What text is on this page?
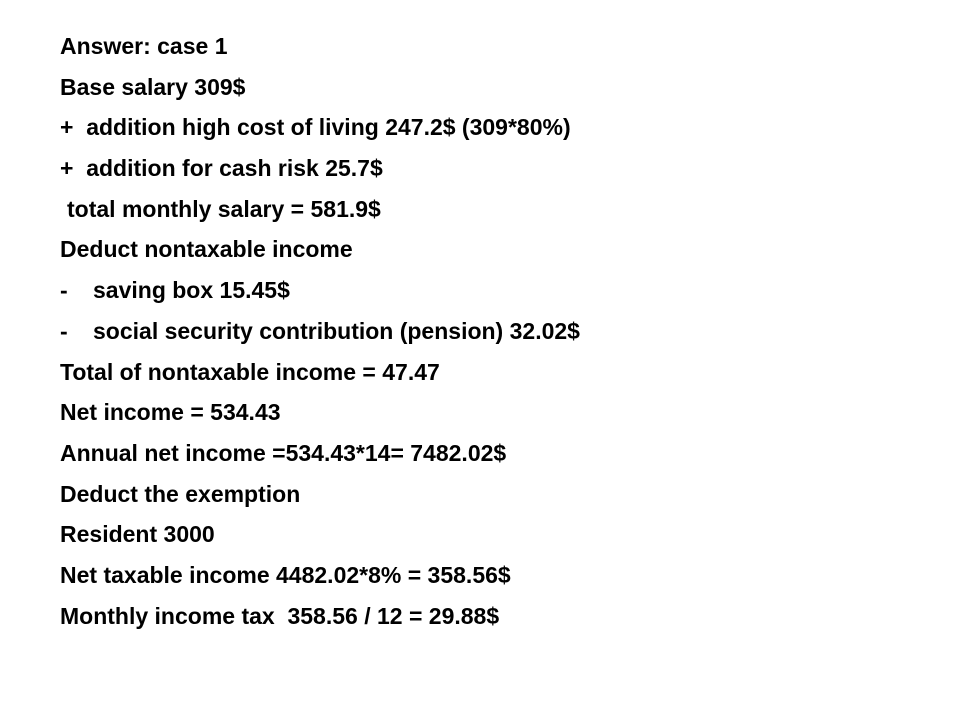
Answer: case 1
Base salary 309$
+  addition high cost of living 247.2$ (309*80%)
+  addition for cash risk 25.7$
total monthly salary = 581.9$
Deduct nontaxable income
-	saving box 15.45$
-	social security contribution (pension) 32.02$
Total of nontaxable income = 47.47
Net income = 534.43
Annual net income =534.43*14= 7482.02$
Deduct the exemption
Resident 3000
Net taxable income 4482.02*8% = 358.56$
Monthly income tax  358.56 / 12 = 29.88$
